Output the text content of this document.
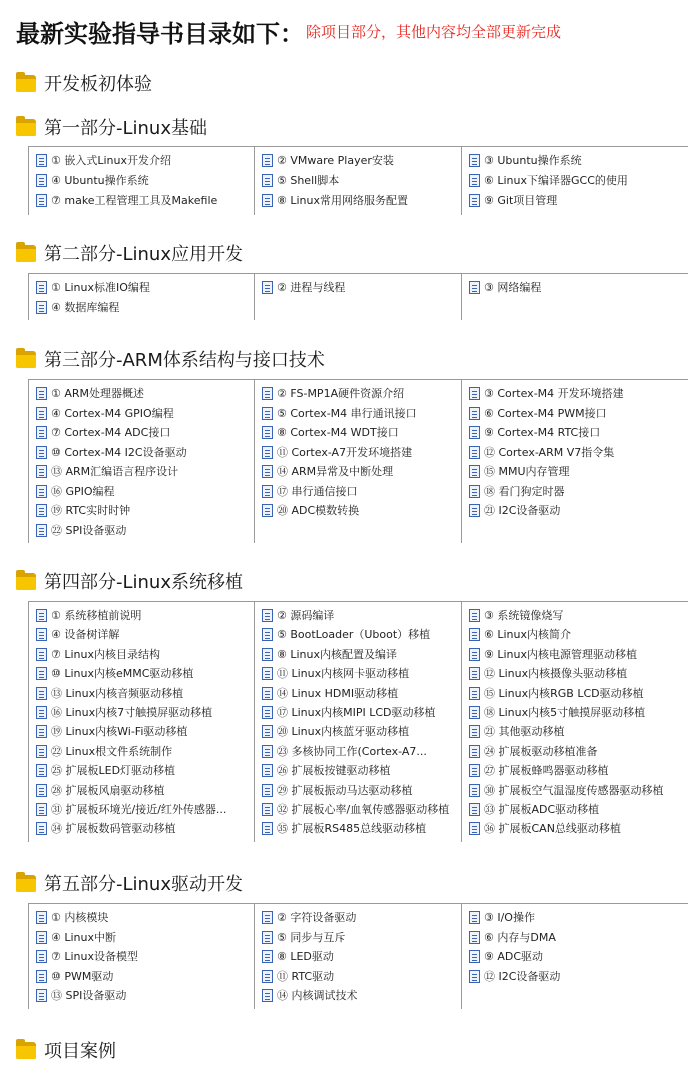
最新实验指导书目录如下： 除项目部分，其他内容均全部更新完成
开发板初体验
第一部分-Linux基础
① 嵌入式Linux开发介绍
④ Ubuntu操作系统
⑦ make工程管理工具及Makefile
② VMware Player安装
⑤ Shell脚本
⑧ Linux常用网络服务配置
③ Ubuntu操作系统
⑥ Linux下编译器GCC的使用
⑨ Git项目管理
第二部分-Linux应用开发
① Linux标准IO编程
④ 数据库编程
② 进程与线程	③ 网络编程
第三部分-ARM体系结构与接口技术
① ARM处理器概述
④ Cortex-M4 GPIO编程
⑦ Cortex-M4 ADC接口
⑩ Cortex-M4 I2C设备驱动
⑬ ARM汇编语言程序设计
⑯ GPIO编程
⑲ RTC实时时钟
㉒ SPI设备驱动
② FS-MP1A硬件资源介绍
⑤ Cortex-M4 串行通讯接口
⑧ Cortex-M4 WDT接口
⑪ Cortex-A7开发环境搭建
⑭ ARM异常及中断处理
⑰ 串行通信接口
⑳ ADC模数转换
③ Cortex-M4 开发环境搭建
⑥ Cortex-M4 PWM接口
⑨ Cortex-M4 RTC接口
⑫ Cortex-ARM V7指令集
⑮ MMU内存管理
⑱ 看门狗定时器
㉑ I2C设备驱动
第四部分-Linux系统移植
① 系统移植前说明
④ 设备树详解
⑦ Linux内核目录结构
⑩ Linux内核eMMC驱动移植
⑬ Linux内核音频驱动移植
⑯ Linux内核7寸触摸屏驱动移植
⑲ Linux内核Wi-Fi驱动移植
㉒ Linux根文件系统制作
㉕ 扩展板LED灯驱动移植
㉘ 扩展板风扇驱动移植
㉛ 扩展板环境光/接近/红外传感器...
㉞ 扩展板数码管驱动移植
② 源码编译
⑤ BootLoader（Uboot）移植
⑧ Linux内核配置及编译
⑪ Linux内核网卡驱动移植
⑭ Linux HDMI驱动移植
⑰ Linux内核MIPI LCD驱动移植
⑳ Linux内核蓝牙驱动移植
㉓ 多核协同工作(Cortex-A7...
㉖ 扩展板按键驱动移植
㉙ 扩展板振动马达驱动移植
㉜ 扩展板心率/血氧传感器驱动移植
㉟ 扩展板RS485总线驱动移植
③ 系统镜像烧写
⑥ Linux内核简介
⑨ Linux内核电源管理驱动移植
⑫ Linux内核摄像头驱动移植
⑮ Linux内核RGB LCD驱动移植
⑱ Linux内核5寸触摸屏驱动移植
㉑ 其他驱动移植
㉔ 扩展板驱动移植准备
㉗ 扩展板蜂鸣器驱动移植
㉚ 扩展板空气温湿度传感器驱动移植
㉝ 扩展板ADC驱动移植
㊱ 扩展板CAN总线驱动移植
第五部分-Linux驱动开发
① 内核模块
④ Linux中断
⑦ Linux设备模型
⑩ PWM驱动
⑬ SPI设备驱动
② 字符设备驱动
⑤ 同步与互斥
⑧ LED驱动
⑪ RTC驱动
⑭ 内核调试技术
③ I/O操作
⑥ 内存与DMA
⑨ ADC驱动
⑫ I2C设备驱动
项目案例
